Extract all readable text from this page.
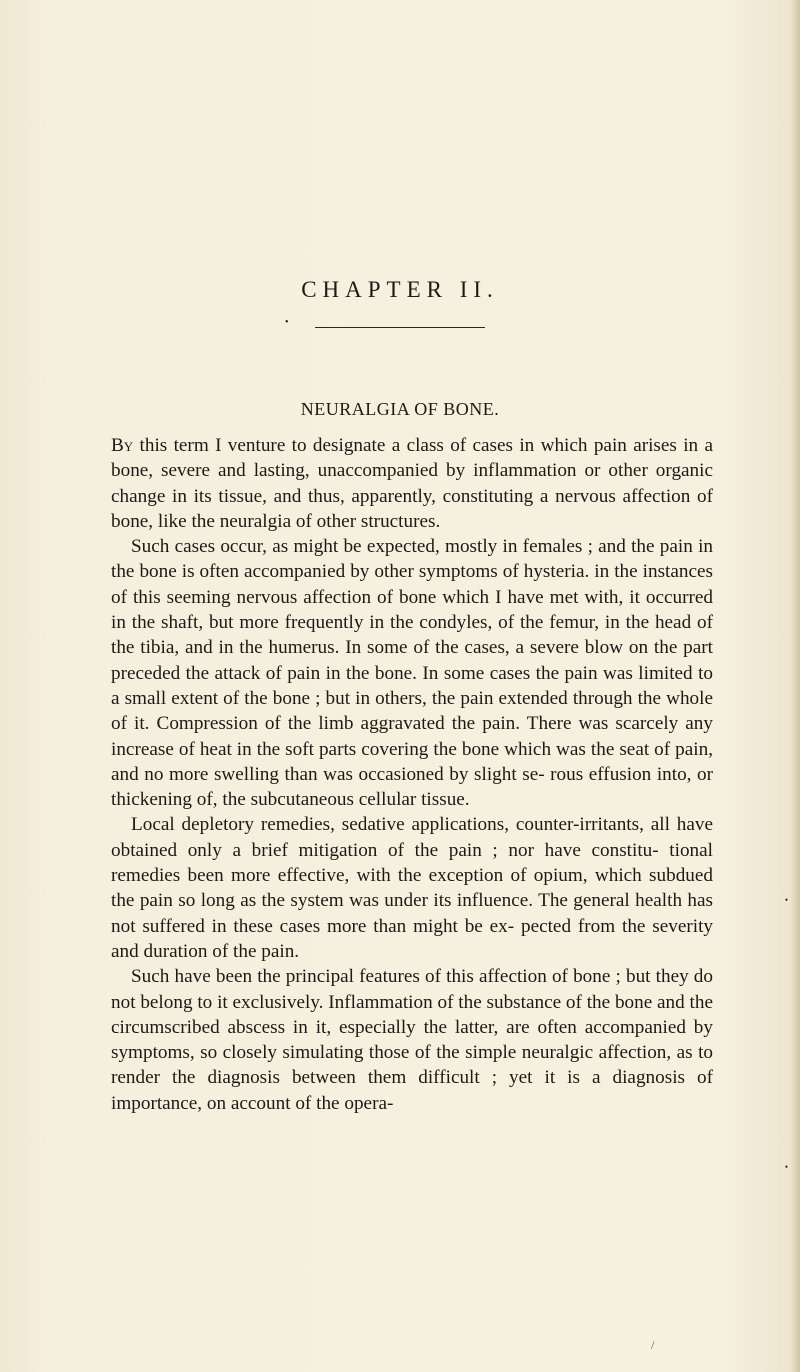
CHAPTER II.
•
NEURALGIA OF BONE.

By this term I venture to designate a class of cases in which pain arises in a bone, severe and lasting, unaccompanied by inflammation or other organic change in its tissue, and thus, apparently, constituting a nervous affection of bone, like the neuralgia of other structures.

Such cases occur, as might be expected, mostly in females ; and the pain in the bone is often accompanied by other symptoms of hysteria. in the instances of this seeming nervous affection of bone which I have met with, it occurred in the shaft, but more frequently in the condyles, of the femur, in the head of the tibia, and in the humerus. In some of the cases, a severe blow on the part preceded the attack of pain in the bone. In some cases the pain was limited to a small extent of the bone ; but in others, the pain extended through the whole of it. Compression of the limb aggravated the pain. There was scarcely any increase of heat in the soft parts covering the bone which was the seat of pain, and no more swelling than was occasioned by slight se- rous effusion into, or thickening of, the subcutaneous cellular tissue.

Local depletory remedies, sedative applications, counter-irritants, all have obtained only a brief mitigation of the pain ; nor have constitu- tional remedies been more effective, with the exception of opium, which subdued the pain so long as the system was under its influence. The general health has not suffered in these cases more than might be ex- pected from the severity and duration of the pain.

Such have been the principal features of this affection of bone ; but they do not belong to it exclusively. Inflammation of the substance of the bone and the circumscribed abscess in it, especially the latter, are often accompanied by symptoms, so closely simulating those of the simple neuralgic affection, as to render the diagnosis between them difficult ; yet it is a diagnosis of importance, on account of the opera-

•
•
/
